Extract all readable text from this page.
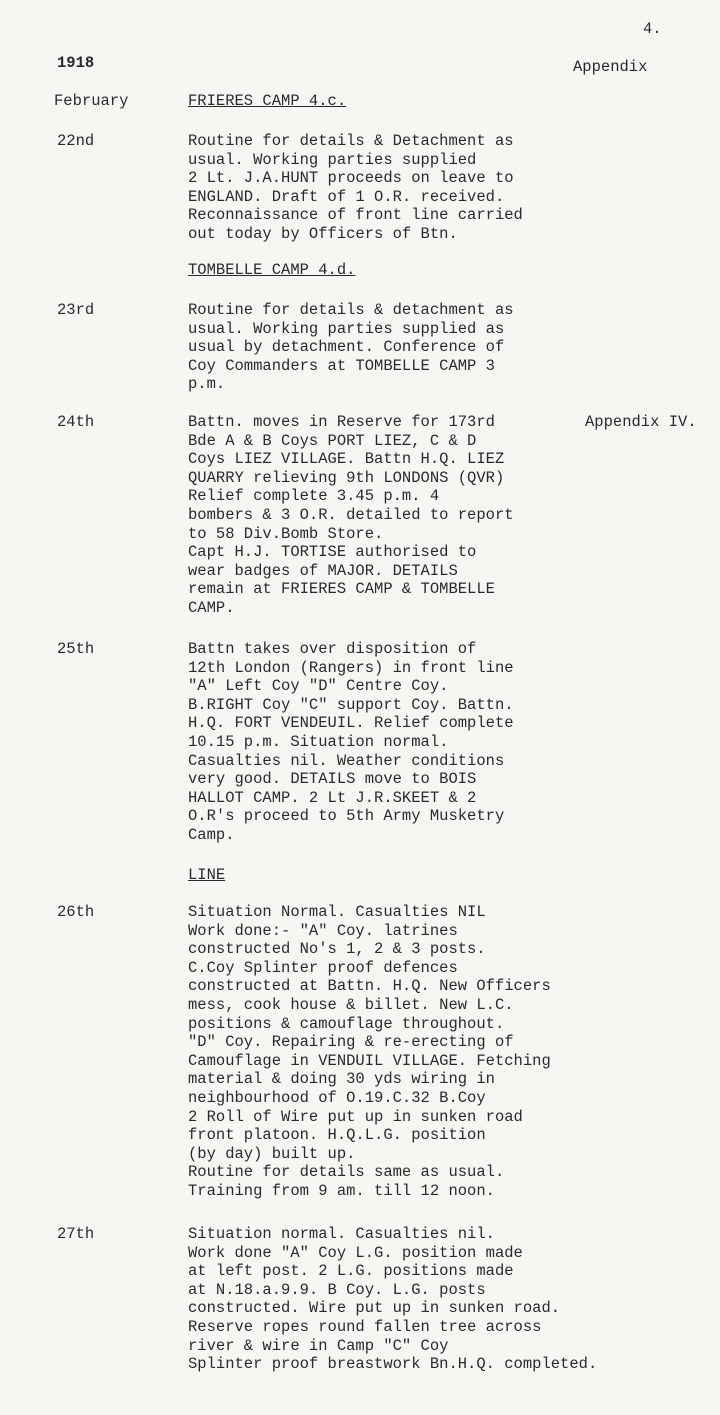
4.
1918	Appendix
February	FRIERES CAMP 4.c.
22nd	Routine for details & Detachment as
usual. Working parties supplied
2 Lt. J.A.HUNT proceeds on leave to
ENGLAND. Draft of 1 O.R. received.
Reconnaissance of front line carried
out today by Officers of Btn.
TOMBELLE CAMP 4.d.
23rd	Routine for details & detachment as
usual. Working parties supplied as
usual by detachment. Conference of
Coy Commanders at TOMBELLE CAMP 3
p.m.
24th	Appendix IV.
Battn. moves in Reserve for 173rd
Bde A & B Coys PORT LIEZ, C & D
Coys LIEZ VILLAGE. Battn H.Q. LIEZ
QUARRY relieving 9th LONDONS (QVR)
Relief complete 3.45 p.m. 4
bombers & 3 O.R. detailed to report
to 58 Div.Bomb Store.
Capt H.J. TORTISE authorised to
wear badges of MAJOR. DETAILS
remain at FRIERES CAMP & TOMBELLE
CAMP.
25th	Battn takes over disposition of
12th London (Rangers) in front line
"A" Left Coy "D" Centre Coy.
B.RIGHT Coy "C" support Coy. Battn.
H.Q. FORT VENDEUIL. Relief complete
10.15 p.m. Situation normal.
Casualties nil. Weather conditions
very good. DETAILS move to BOIS
HALLOT CAMP. 2 Lt J.R.SKEET & 2
O.R's proceed to 5th Army Musketry
Camp.
LINE
26th	Situation Normal. Casualties NIL
Work done:- "A" Coy. latrines
constructed No's 1, 2 & 3 posts.
C.Coy Splinter proof defences
constructed at Battn. H.Q. New Officers
mess, cook house & billet. New L.C.
positions & camouflage throughout.
"D" Coy. Repairing & re-erecting of
Camouflage in VENDUIL VILLAGE. Fetching
material & doing 30 yds wiring in
neighbourhood of O.19.C.32 B.Coy
2 Roll of Wire put up in sunken road
front platoon. H.Q.L.G. position
(by day) built up.
Routine for details same as usual.
Training from 9 am. till 12 noon.
27th	Situation normal. Casualties nil.
Work done "A" Coy L.G. position made
at left post. 2 L.G. positions made
at N.18.a.9.9. B Coy. L.G. posts
constructed. Wire put up in sunken road.
Reserve ropes round fallen tree across
river & wire in Camp "C" Coy
Splinter proof breastwork Bn.H.Q. completed.
